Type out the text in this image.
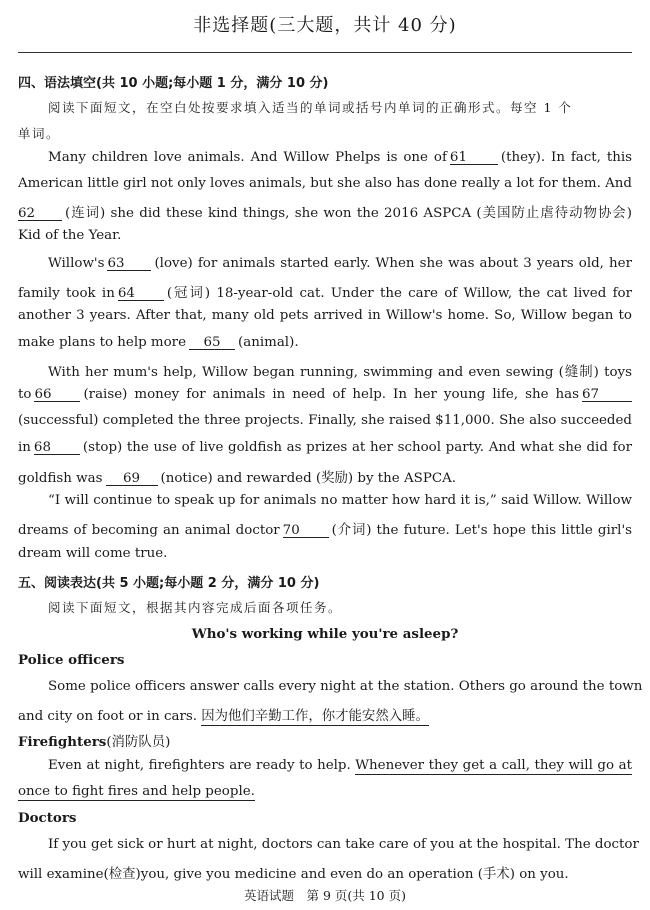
非选择题(三大题，共计 40 分)
四、语法填空(共 10 小题;每小题 1 分，满分 10 分)
阅读下面短文，在空白处按要求填入适当的单词或括号内单词的正确形式。每空 1 个
单词。
Many children love animals. And Willow Phelps is one of 61	(they). In fact, this
American little girl not only loves animals, but she also has done really a lot for them. And
62 (连词) she did these kind things, she won the 2016 ASPCA (美国防止虐待动物协会)
Kid of the Year.
Willow's 63 (love) for animals started early. When she was about 3 years old, her
family took in 64 (冠词) 18-year-old cat. Under the care of Willow, the cat lived for
another 3 years. After that, many old pets arrived in Willow's home. So, Willow began to
make plans to help more 65 (animal).
With her mum's help, Willow began running, swimming and even sewing (缝制) toys
to 66 (raise) money for animals in need of help. In her young life, she has 67
(successful) completed the three projects. Finally, she raised $11,000. She also succeeded
in 68 (stop) the use of live goldfish as prizes at her school party. And what she did for
goldfish was 69 (notice) and rewarded (奖励) by the ASPCA.
“I will continue to speak up for animals no matter how hard it is,” said Willow. Willow
dreams of becoming an animal doctor 70 (介词) the future. Let's hope this little girl's
dream will come true.
五、阅读表达(共 5 小题;每小题 2 分，满分 10 分)
阅读下面短文，根据其内容完成后面各项任务。
Who's working while you're asleep?
Police officers
Some police officers answer calls every night at the station. Others go around the town
and city on foot or in cars. 因为他们辛勤工作，你才能安然入睡。
Firefighters(消防队员)
Even at night, firefighters are ready to help. Whenever they get a call, they will go at
once to fight fires and help people.
Doctors
If you get sick or hurt at night, doctors can take care of you at the hospital. The doctor
will examine(检查)you, give you medicine and even do an operation (手术) on you.
英语试题　第 9 页(共 10 页)
